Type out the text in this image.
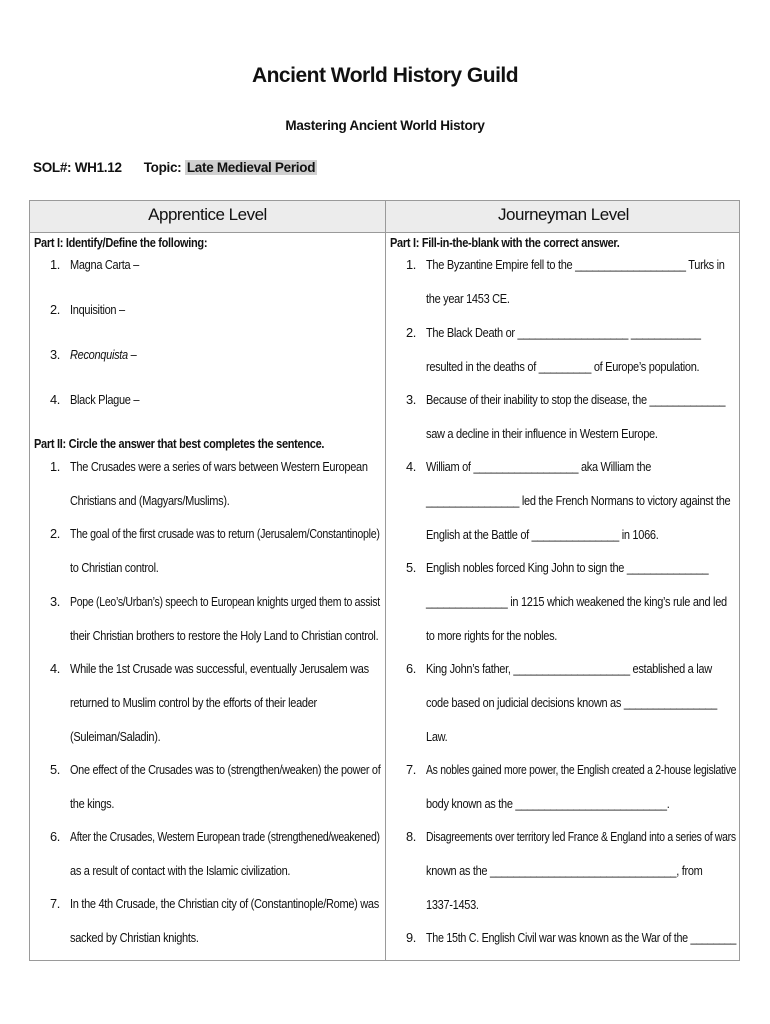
Ancient World History Guild
Mastering Ancient World History
SOL#: WH1.12 Topic: Late Medieval Period
Apprentice Level	Journeyman Level
Part I: Identify/Define the following:
1. Magna Carta –
2. Inquisition –
3. Reconquista –
4. Black Plague –
Part II: Circle the answer that best completes the sentence.
1. The Crusades were a series of wars between Western European
Christians and (Magyars/Muslims).
2. The goal of the first crusade was to return (Jerusalem/Constantinople)
to Christian control.
3. Pope (Leo’s/Urban’s) speech to European knights urged them to assist
their Christian brothers to restore the Holy Land to Christian control.
4. While the 1st Crusade was successful, eventually Jerusalem was
returned to Muslim control by the efforts of their leader
(Suleiman/Saladin).
5. One effect of the Crusades was to (strengthen/weaken) the power of
the kings.
6. After the Crusades, Western European trade (strengthened/weakened)
as a result of contact with the Islamic civilization.
7. In the 4th Crusade, the Christian city of (Constantinople/Rome) was
sacked by Christian knights.
Part I: Fill-in-the-blank with the correct answer.
1. The Byzantine Empire fell to the ___________________ Turks in
the year 1453 CE.
2. The Black Death or ___________________ ____________
resulted in the deaths of _________ of Europe’s population.
3. Because of their inability to stop the disease, the _____________
saw a decline in their influence in Western Europe.
4. William of __________________ aka William the
________________ led the French Normans to victory against the
English at the Battle of _______________ in 1066.
5. English nobles forced King John to sign the ______________
______________ in 1215 which weakened the king’s rule and led
to more rights for the nobles.
6. King John’s father, ____________________ established a law
code based on judicial decisions known as ________________
Law.
7. As nobles gained more power, the English created a 2-house legislative
body known as the __________________________.
8. Disagreements over territory led France & England into a series of wars
known as the ________________________________, from
1337-1453.
9. The 15th C. English Civil war was known as the War of the ________
